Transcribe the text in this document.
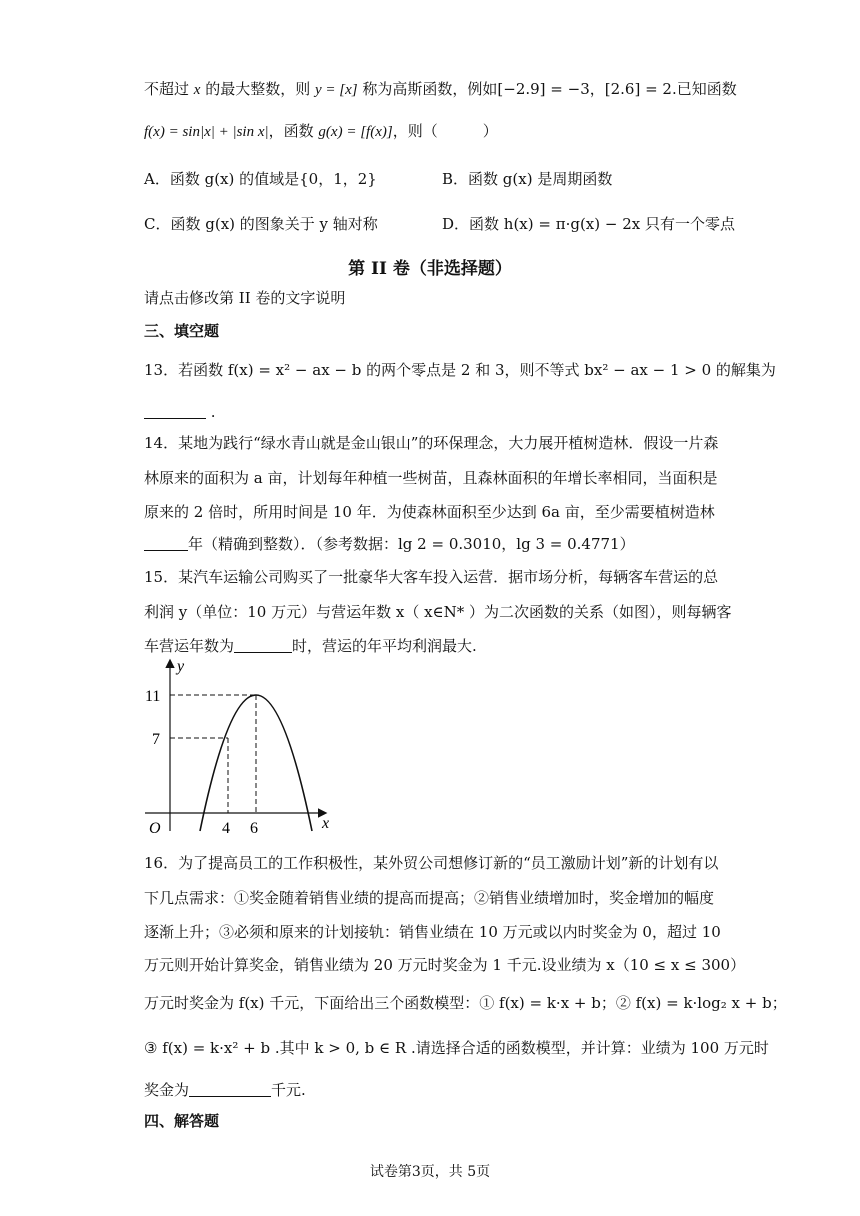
不超过 x 的最大整数，则 y = [x] 称为高斯函数，例如[−2.9] = −3，[2.6] = 2.已知函数
f(x) = sin|x| + |sin x|，函数 g(x) = [f(x)]，则（　　　）
A．函数 g(x) 的值域是{0，1，2}	B．函数 g(x) 是周期函数
C．函数 g(x) 的图象关于 y 轴对称	D．函数 h(x) = π·g(x) − 2x 只有一个零点
第 II 卷（非选择题）
请点击修改第 II 卷的文字说明
三、填空题
13．若函数 f(x) = x² − ax − b 的两个零点是 2 和 3，则不等式 bx² − ax − 1 > 0 的解集为
.
14．某地为践行“绿水青山就是金山银山”的环保理念，大力展开植树造林．假设一片森
林原来的面积为 a 亩，计划每年种植一些树苗，且森林面积的年增长率相同，当面积是
原来的 2 倍时，所用时间是 10 年．为使森林面积至少达到 6a 亩，至少需要植树造林
年（精确到整数）．（参考数据：lg 2 = 0.3010，lg 3 = 0.4771）
15．某汽车运输公司购买了一批豪华大客车投入运营．据市场分析，每辆客车营运的总
利润 y（单位：10 万元）与营运年数 x（ x∈N* ）为二次函数的关系（如图），则每辆客
车营运年数为	时，营运的年平均利润最大.
y
x
O
11
7
4 6
16．为了提高员工的工作积极性，某外贸公司想修订新的“员工激励计划”新的计划有以
下几点需求：①奖金随着销售业绩的提高而提高；②销售业绩增加时，奖金增加的幅度
逐渐上升；③必须和原来的计划接轨：销售业绩在 10 万元或以内时奖金为 0，超过 10
万元则开始计算奖金，销售业绩为 20 万元时奖金为 1 千元.设业绩为 x（10 ≤ x ≤ 300）
万元时奖金为 f(x) 千元，下面给出三个函数模型：① f(x) = k·x + b；② f(x) = k·log₂ x + b；
③ f(x) = k·x² + b .其中 k > 0, b ∈ R .请选择合适的函数模型，并计算：业绩为 100 万元时
奖金为	千元.
四、解答题
试卷第3页，共 5页
